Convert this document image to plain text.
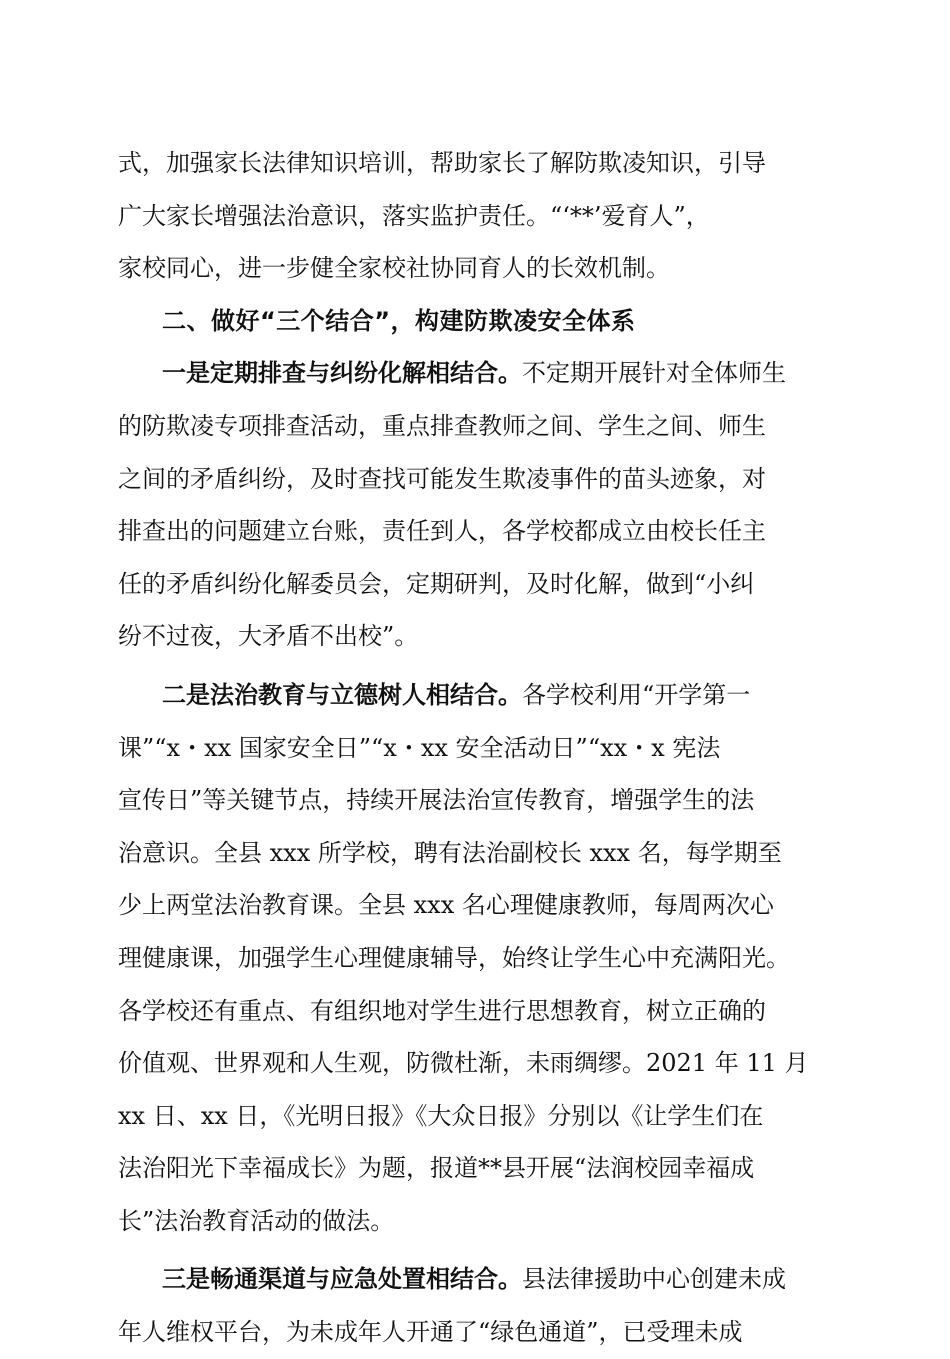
式，加强家长法律知识培训，帮助家长了解防欺凌知识，引导
广大家长增强法治意识，落实监护责任。“‘**’爱育人”，
家校同心，进一步健全家校社协同育人的长效机制。
二、做好“三个结合”，构建防欺凌安全体系
一是定期排查与纠纷化解相结合。不定期开展针对全体师生
的防欺凌专项排查活动，重点排查教师之间、学生之间、师生
之间的矛盾纠纷，及时查找可能发生欺凌事件的苗头迹象，对
排查出的问题建立台账，责任到人，各学校都成立由校长任主
任的矛盾纠纷化解委员会，定期研判，及时化解，做到“小纠
纷不过夜，大矛盾不出校”。
二是法治教育与立德树人相结合。各学校利用“开学第一
课”“x・xx 国家安全日”“x・xx 安全活动日”“xx・x 宪法
宣传日”等关键节点，持续开展法治宣传教育，增强学生的法
治意识。全县 xxx 所学校，聘有法治副校长 xxx 名，每学期至
少上两堂法治教育课。全县 xxx 名心理健康教师，每周两次心
理健康课，加强学生心理健康辅导，始终让学生心中充满阳光。
各学校还有重点、有组织地对学生进行思想教育，树立正确的
价值观、世界观和人生观，防微杜渐，未雨绸缪。2021 年 11 月
xx 日、xx 日，《光明日报》《大众日报》分别以《让学生们在
法治阳光下幸福成长》为题，报道**县开展“法润校园幸福成
长”法治教育活动的做法。
三是畅通渠道与应急处置相结合。县法律援助中心创建未成
年人维权平台，为未成年人开通了“绿色通道”，已受理未成
